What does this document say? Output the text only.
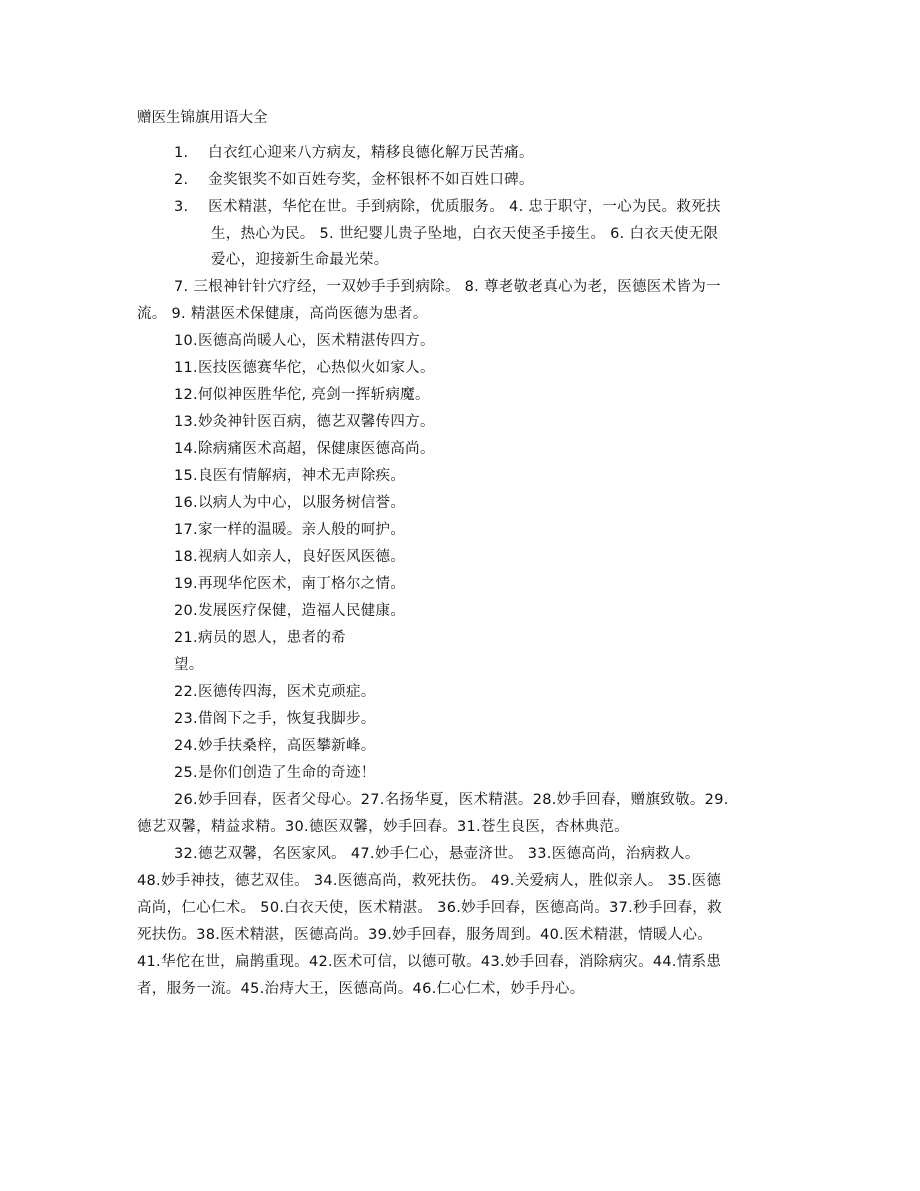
赠医生锦旗用语大全
1.　 白衣红心迎来八方病友，精移良德化解万民苦痛。
2.　 金奖银奖不如百姓夸奖，金杯银杯不如百姓口碑。
3.　 医术精湛，华佗在世。手到病除，优质服务。 4. 忠于职守，一心为民。救死扶
生，热心为民。 5. 世纪婴儿贵子坠地，白衣天使圣手接生。 6. 白衣天使无限
爱心，迎接新生命最光荣。
7. 三根神针针穴疗经，一双妙手手到病除。 8. 尊老敬老真心为老，医德医术皆为一
流。 9. 精湛医术保健康，高尚医德为患者。
10.医德高尚暖人心，医术精湛传四方。
11.医技医德赛华佗，心热似火如家人。
12.何似神医胜华佗, 亮剑一挥斩病魔。
13.妙灸神针医百病，德艺双馨传四方。
14.除病痛医术高超，保健康医德高尚。
15.良医有情解病，神术无声除疾。
16.以病人为中心，以服务树信誉。
17.家一样的温暖。亲人般的呵护。
18.视病人如亲人，良好医风医德。
19.再现华佗医术，南丁格尔之情。
20.发展医疗保健，造福人民健康。
21.病员的恩人，患者的希
望。
22.医德传四海，医术克顽症。
23.借阁下之手，恢复我脚步。
24.妙手扶桑梓，高医攀新峰。
25.是你们创造了生命的奇迹！
26.妙手回春，医者父母心。27.名扬华夏，医术精湛。28.妙手回春，赠旗致敬。29.
德艺双馨，精益求精。30.德医双馨，妙手回春。31.苍生良医，杏林典范。
32.德艺双馨，名医家风。 47.妙手仁心，悬壶济世。 33.医德高尚，治病救人。
48.妙手神技，德艺双佳。 34.医德高尚，救死扶伤。 49.关爱病人，胜似亲人。 35.医德
高尚，仁心仁术。 50.白衣天使，医术精湛。 36.妙手回春，医德高尚。37.秒手回春，救
死扶伤。38.医术精湛，医德高尚。39.妙手回春，服务周到。40.医术精湛，情暖人心。
41.华佗在世，扁鹊重现。42.医术可信，以德可敬。43.妙手回春，消除病灾。44.情系患
者，服务一流。45.治痔大王，医德高尚。46.仁心仁术，妙手丹心。
